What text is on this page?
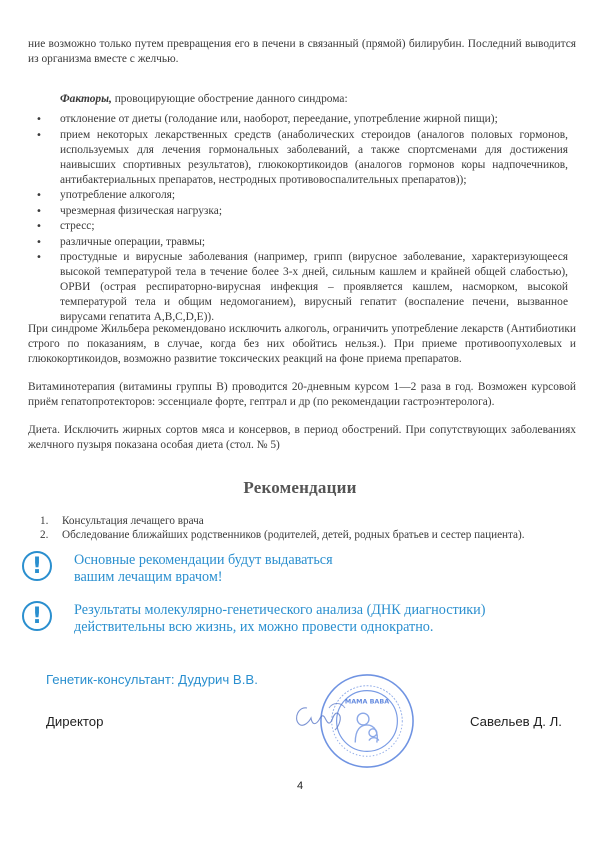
ние возможно только путем превращения его в печени в связанный (прямой) билирубин. Последний выводится из организма вместе с желчью.

Факторы, провоцирующие обострение данного синдрома:

• отклонение от диеты (голодание или, наоборот, переедание, употребление жирной пищи);
• прием некоторых лекарственных средств (анаболических стероидов (аналогов половых гормонов, используемых для лечения гормональных заболеваний, а также спортсменами для достижения наивысших спортивных результатов), глюкокортикоидов (аналогов гормонов коры надпочечников, антибактериальных препаратов, нестродных противовоспалительных препаратов));
• употребление алкоголя;
• чрезмерная физическая нагрузка;
• стресс;
• различные операции, травмы;
• простудные и вирусные заболевания (например, грипп (вирусное заболевание, характеризующееся высокой температурой тела в течение более 3-х дней, сильным кашлем и крайней общей слабостью), ОРВИ (острая респираторно-вирусная инфекция – проявляется кашлем, насморком, высокой температурой тела и общим недомоганием), вирусный гепатит (воспаление печени, вызванное вирусами гепатита A,B,C,D,E)).

При синдроме Жильбера рекомендовано исключить алкоголь, ограничить употребление лекарств (Антибиотики строго по показаниям, в случае, когда без них обойтись нельзя.). При приеме противоопухолевых и глюкокортикоидов, возможно развитие токсических реакций на фоне приема препаратов.

Витаминотерапия (витамины группы В) проводится 20-дневным курсом 1—2 раза в год. Возможен курсовой приём гепатопротекторов: эссенциале форте, гептрал и др (по рекомендации гастроэнтеролога).

Диета. Исключить жирных сортов мяса и консервов, в период обострений. При сопутствующих заболеваниях желчного пузыря показана особая диета (стол. № 5)

Рекомендации
1. Консультация лечащего врача
2. Обследование ближайших родственников (родителей, детей, родных братьев и сестер пациента).
!	Основные рекомендации будут выдаваться
вашим лечащим врачом!
!	Результаты молекулярно-генетического анализа (ДНК диагностики)
действительны всю жизнь, их можно провести однократно.
Генетик-консультант: Дудурич В.В.
Директор
МАМА ВАВА
Савельев Д. Л.
4
